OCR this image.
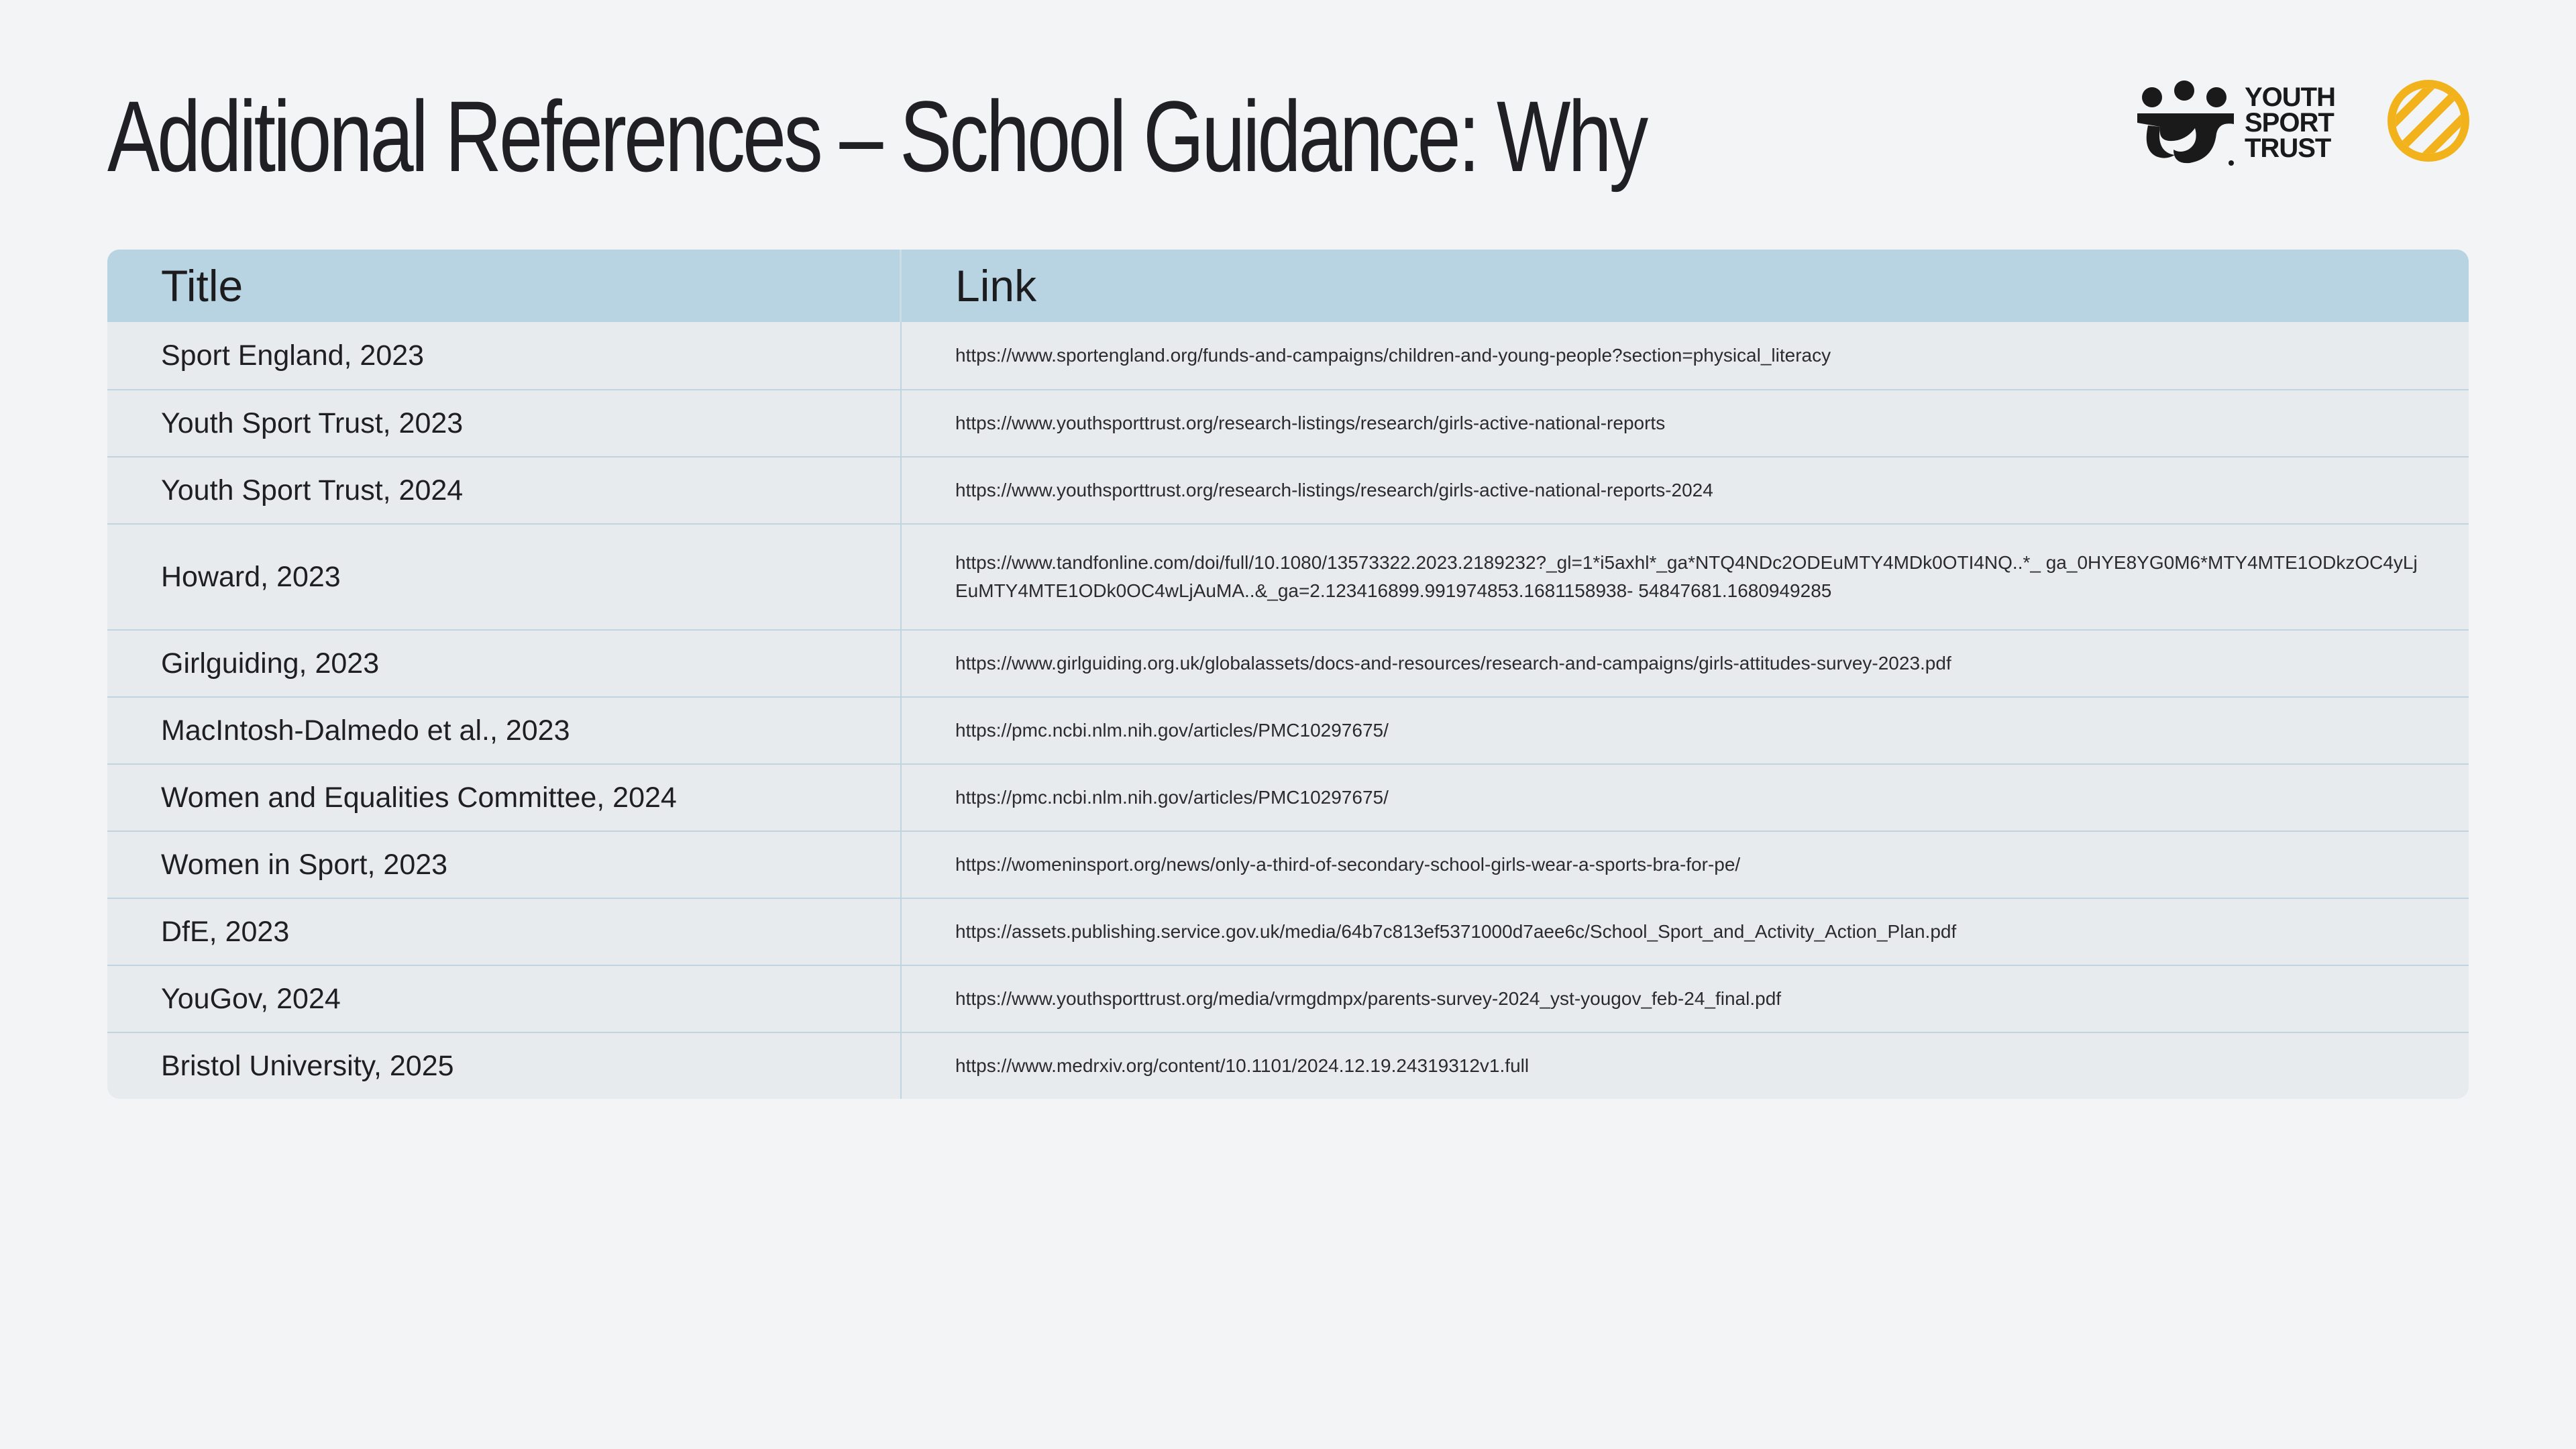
Additional References – School Guidance: Why	YOUTH
SPORT
TRUST
Title	Link
Sport England, 2023	https://www.sportengland.org/funds-and-campaigns/children-and-young-people?section=physical_literacy
Youth Sport Trust, 2023	https://www.youthsporttrust.org/research-listings/research/girls-active-national-reports
Youth Sport Trust, 2024	https://www.youthsporttrust.org/research-listings/research/girls-active-national-reports-2024
Howard, 2023	https://www.tandfonline.com/doi/full/10.1080/13573322.2023.2189232?_gl=1*i5axhl*_ga*NTQ4NDc2ODEuMTY4MDk0OTI4NQ..*_ ga_0HYE8YG0M6*MTY4MTE1ODkzOC4yLjEuMTY4MTE1ODk0OC4wLjAuMA..&_ga=2.123416899.991974853.1681158938- 54847681.1680949285
Girlguiding, 2023	https://www.girlguiding.org.uk/globalassets/docs-and-resources/research-and-campaigns/girls-attitudes-survey-2023.pdf
MacIntosh-Dalmedo et al., 2023	https://pmc.ncbi.nlm.nih.gov/articles/PMC10297675/
Women and Equalities Committee, 2024	https://pmc.ncbi.nlm.nih.gov/articles/PMC10297675/
Women in Sport, 2023	https://womeninsport.org/news/only-a-third-of-secondary-school-girls-wear-a-sports-bra-for-pe/
DfE, 2023	https://assets.publishing.service.gov.uk/media/64b7c813ef5371000d7aee6c/School_Sport_and_Activity_Action_Plan.pdf
YouGov, 2024	https://www.youthsporttrust.org/media/vrmgdmpx/parents-survey-2024_yst-yougov_feb-24_final.pdf
Bristol University, 2025	https://www.medrxiv.org/content/10.1101/2024.12.19.24319312v1.full
